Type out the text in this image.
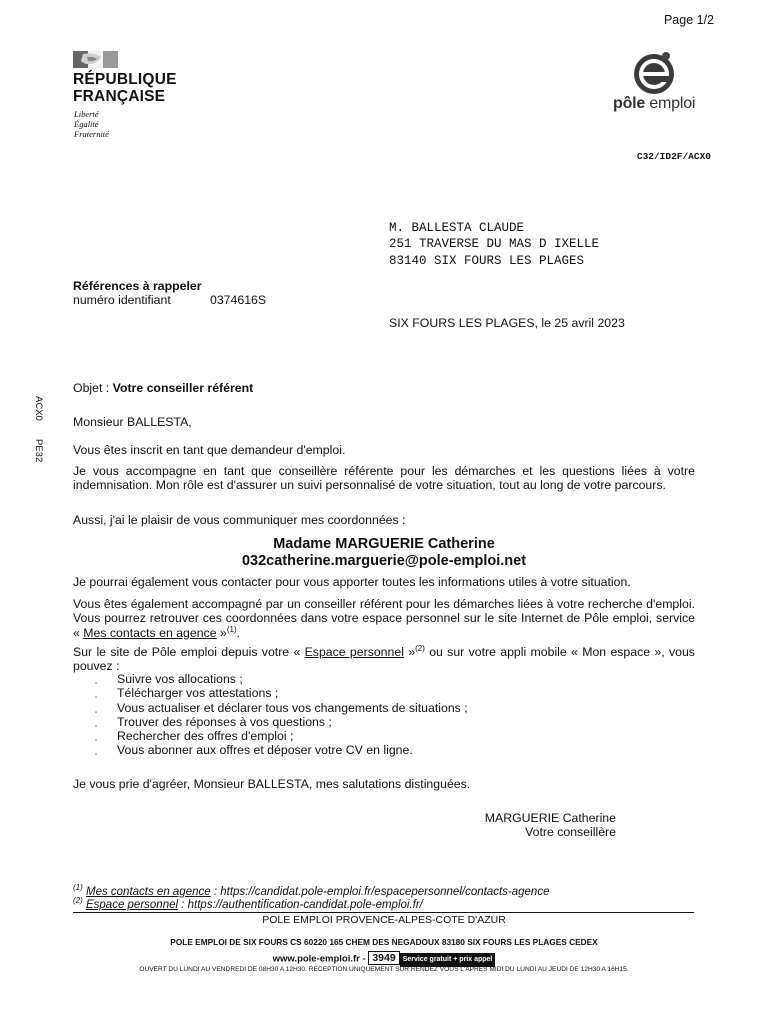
Page 1/2
RÉPUBLIQUE
FRANÇAISE
Liberté
Égalité
Fraternité
pôle emploi
C32/ID2F/ACX0
M. BALLESTA CLAUDE
251 TRAVERSE DU MAS D IXELLE
83140 SIX FOURS LES PLAGES
Références à rappeler
numéro identifiant	0374616S
SIX FOURS LES PLAGES, le 25 avril 2023
ACX0
PE32
Objet : Votre conseiller référent
Monsieur BALLESTA,
Vous êtes inscrit en tant que demandeur d'emploi.
Je vous accompagne en tant que conseillère référente pour les démarches et les questions liées à votre indemnisation. Mon rôle est d'assurer un suivi personnalisé de votre situation, tout au long de votre parcours.
Aussi, j'ai le plaisir de vous communiquer mes coordonnées :
Madame MARGUERIE Catherine
032catherine.marguerie@pole-emploi.net
Je pourrai également vous contacter pour vous apporter toutes les informations utiles à votre situation.
Vous êtes également accompagné par un conseiller référent pour les démarches liées à votre recherche d'emploi. Vous pourrez retrouver ces coordonnées dans votre espace personnel sur le site Internet de Pôle emploi, service « Mes contacts en agence »$^{(1)}$.
Sur le site de Pôle emploi depuis votre « Espace personnel »$^{(2)}$ ou sur votre appli mobile « Mon espace », vous pouvez :
▫ Suivre vos allocations ;
▫ Télécharger vos attestations ;
▫ Vous actualiser et déclarer tous vos changements de situations ;
▫ Trouver des réponses à vos questions ;
▫ Rechercher des offres d'emploi ;
▫ Vous abonner aux offres et déposer votre CV en ligne.
Je vous prie d'agréer, Monsieur BALLESTA, mes salutations distinguées.
MARGUERIE Catherine
Votre conseillère
$^{(1)}$ Mes contacts en agence : https://candidat.pole-emploi.fr/espacepersonnel/contacts-agence
$^{(2)}$ Espace personnel : https://authentification-candidat.pole-emploi.fr/
POLE EMPLOI PROVENCE-ALPES-COTE D'AZUR
POLE EMPLOI DE SIX FOURS CS 60220 165 CHEM DES NEGADOUX 83180 SIX FOURS LES PLAGES CEDEX
www.pole-emploi.fr - 3949 Service gratuit + prix appel
OUVERT DU LUNDI AU VENDREDI DE 08H30 A 12H30. RECEPTION UNIQUEMENT SUR RENDEZ VOUS L'APRES MIDI DU LUNDI AU JEUDI DE 12H30 A 16H15.
